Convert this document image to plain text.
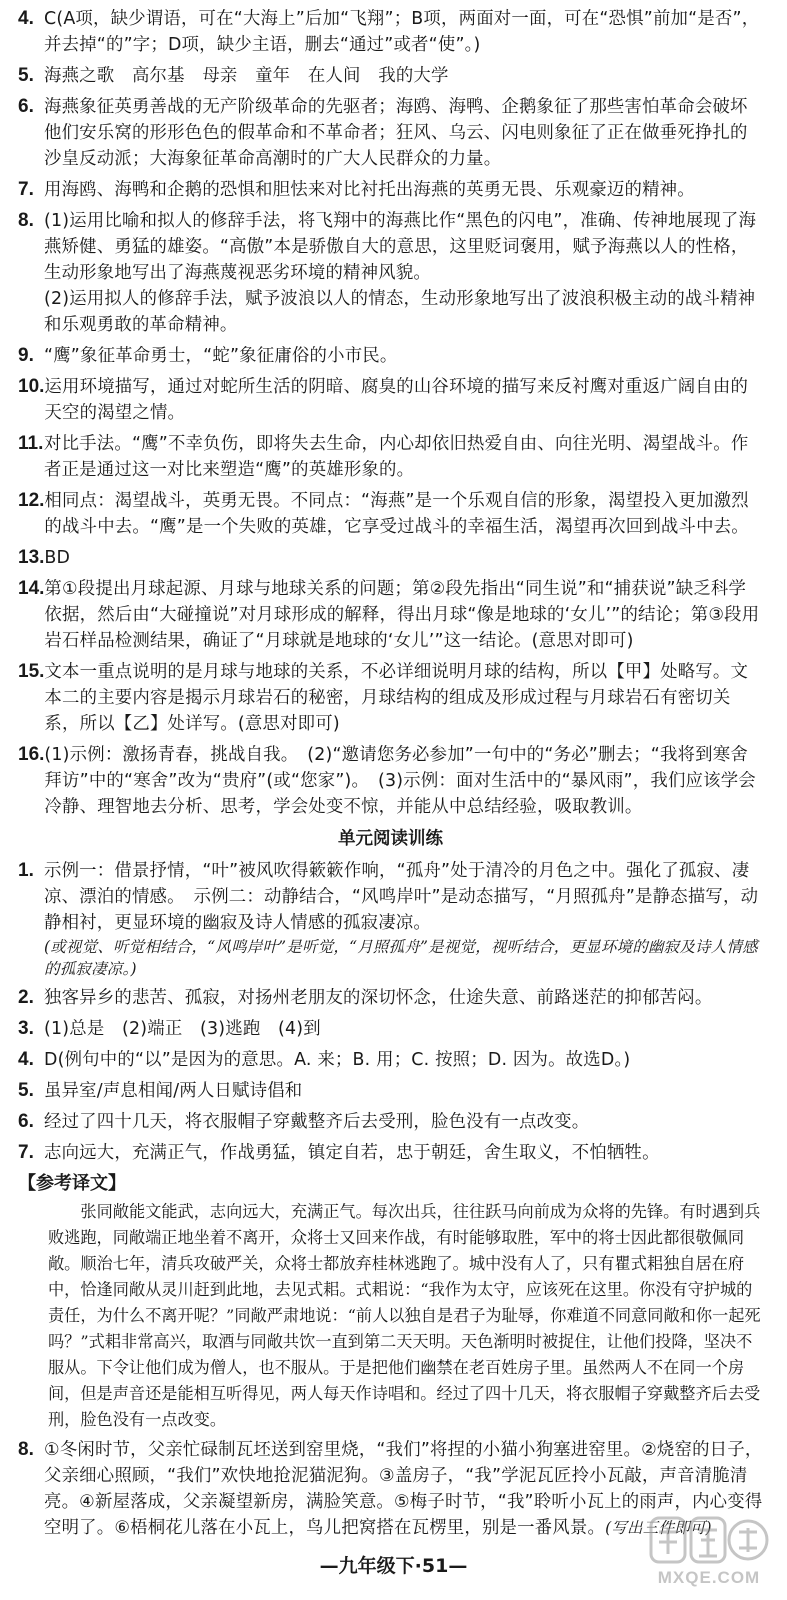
4. C(A项，缺少谓语，可在“大海上”后加“飞翔”；B项，两面对一面，可在“恐惧”前加“是否”，并去掉“的”字；D项，缺少主语，删去“通过”或者“使”。)

5. 海燕之歌　高尔基　母亲　童年　在人间　我的大学

6. 海燕象征英勇善战的无产阶级革命的先驱者；海鸥、海鸭、企鹅象征了那些害怕革命会破坏他们安乐窝的形形色色的假革命和不革命者；狂风、乌云、闪电则象征了正在做垂死挣扎的沙皇反动派；大海象征革命高潮时的广大人民群众的力量。

7. 用海鸥、海鸭和企鹅的恐惧和胆怯来对比衬托出海燕的英勇无畏、乐观豪迈的精神。

8. (1)运用比喻和拟人的修辞手法，将飞翔中的海燕比作“黑色的闪电”，准确、传神地展现了海燕矫健、勇猛的雄姿。“高傲”本是骄傲自大的意思，这里贬词褒用，赋予海燕以人的性格，生动形象地写出了海燕蔑视恶劣环境的精神风貌。

(2)运用拟人的修辞手法，赋予波浪以人的情态，生动形象地写出了波浪积极主动的战斗精神和乐观勇敢的革命精神。

9. “鹰”象征革命勇士，“蛇”象征庸俗的小市民。

10. 运用环境描写，通过对蛇所生活的阴暗、腐臭的山谷环境的描写来反衬鹰对重返广阔自由的天空的渴望之情。

11. 对比手法。“鹰”不幸负伤，即将失去生命，内心却依旧热爱自由、向往光明、渴望战斗。作者正是通过这一对比来塑造“鹰”的英雄形象的。

12. 相同点：渴望战斗，英勇无畏。不同点：“海燕”是一个乐观自信的形象，渴望投入更加激烈的战斗中去。“鹰”是一个失败的英雄，它享受过战斗的幸福生活，渴望再次回到战斗中去。

13. BD

14. 第①段提出月球起源、月球与地球关系的问题；第②段先指出“同生说”和“捕获说”缺乏科学依据，然后由“大碰撞说”对月球形成的解释，得出月球“像是地球的‘女儿’”的结论；第③段用岩石样品检测结果，确证了“月球就是地球的‘女儿’”这一结论。(意思对即可)

15. 文本一重点说明的是月球与地球的关系，不必详细说明月球的结构，所以【甲】处略写。文本二的主要内容是揭示月球岩石的秘密，月球结构的组成及形成过程与月球岩石有密切关系，所以【乙】处详写。(意思对即可)

16. (1)示例：激扬青春，挑战自我。　(2)“邀请您务必参加”一句中的“务必”删去；“我将到寒舍拜访”中的“寒舍”改为“贵府”(或“您家”)。　(3)示例：面对生活中的“暴风雨”，我们应该学会冷静、理智地去分析、思考，学会处变不惊，并能从中总结经验，吸取教训。

单元阅读训练
1. 示例一：借景抒情，“叶”被风吹得簌簌作响，“孤舟”处于清冷的月色之中。强化了孤寂、凄凉、漂泊的情感。　示例二：动静结合，“风鸣岸叶”是动态描写，“月照孤舟”是静态描写，动静相衬，更显环境的幽寂及诗人情感的孤寂凄凉。

(或视觉、听觉相结合，“风鸣岸叶”是听觉，“月照孤舟”是视觉，视听结合，更显环境的幽寂及诗人情感的孤寂凄凉。)

2. 独客异乡的悲苦、孤寂，对扬州老朋友的深切怀念，仕途失意、前路迷茫的抑郁苦闷。

3. (1)总是　(2)端正　(3)逃跑　(4)到

4. D(例句中的“以”是因为的意思。A. 来；B. 用；C. 按照；D. 因为。故选D。)

5. 虽异室/声息相闻/两人日赋诗倡和

6. 经过了四十几天，将衣服帽子穿戴整齐后去受刑，脸色没有一点改变。

7. 志向远大，充满正气，作战勇猛，镇定自若，忠于朝廷，舍生取义，不怕牺牲。

【参考译文】

张同敞能文能武，志向远大，充满正气。每次出兵，往往跃马向前成为众将的先锋。有时遇到兵败逃跑，同敞端正地坐着不离开，众将士又回来作战，有时能够取胜，军中的将士因此都很敬佩同敞。顺治七年，清兵攻破严关，众将士都放弃桂林逃跑了。城中没有人了，只有瞿式耜独自居在府中，恰逢同敞从灵川赶到此地，去见式耜。式耜说：“我作为太守，应该死在这里。你没有守护城的责任，为什么不离开呢？”同敞严肃地说：“前人以独自是君子为耻辱，你难道不同意同敞和你一起死吗？”式耜非常高兴，取酒与同敞共饮一直到第二天天明。天色渐明时被捉住，让他们投降，坚决不服从。下令让他们成为僧人，也不服从。于是把他们幽禁在老百姓房子里。虽然两人不在同一个房间，但是声音还是能相互听得见，两人每天作诗唱和。经过了四十几天，将衣服帽子穿戴整齐后去受刑，脸色没有一点改变。

8. ①冬闲时节，父亲忙碌制瓦坯送到窑里烧，“我们”将捏的小猫小狗塞进窑里。②烧窑的日子，父亲细心照顾，“我们”欢快地抢泥猫泥狗。③盖房子，“我”学泥瓦匠拎小瓦敲，声音清脆清亮。④新屋落成，父亲凝望新房，满脸笑意。⑤梅子时节，“我”聆听小瓦上的雨声，内心变得空明了。⑥梧桐花儿落在小瓦上，鸟儿把窝搭在瓦楞里，别是一番风景。(写出三件即可)

—九年级下·51—
MXQE.COM
